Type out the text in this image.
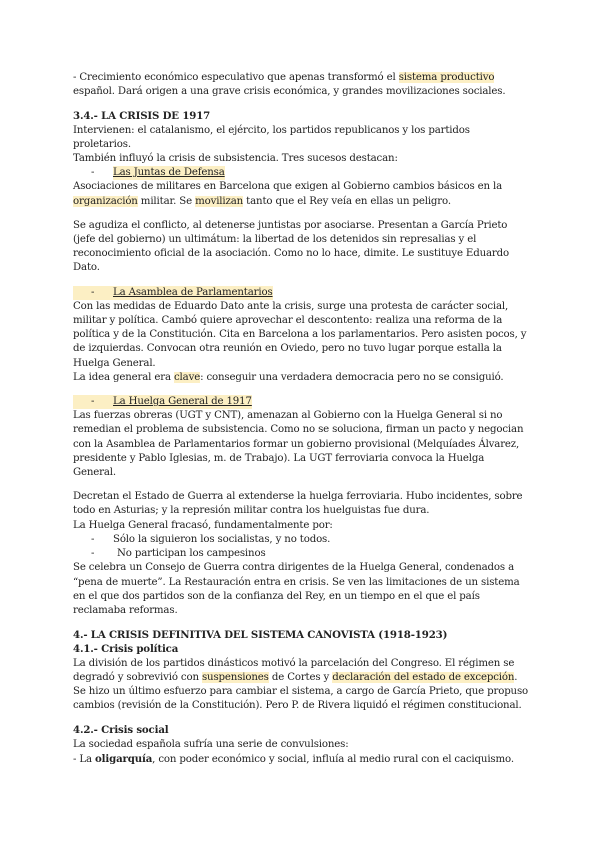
- Crecimiento económico especulativo que apenas transformó el sistema productivo español. Dará origen a una grave crisis económica, y grandes movilizaciones sociales.

3.4.- LA CRISIS DE 1917

Intervienen: el catalanismo, el ejército, los partidos republicanos y los partidos proletarios.

También influyó la crisis de subsistencia. Tres sucesos destacan:

-	Las Juntas de Defensa

Asociaciones de militares en Barcelona que exigen al Gobierno cambios básicos en la

organización militar. Se movilizan tanto que el Rey veía en ellas un peligro.

Se agudiza el conflicto, al detenerse juntistas por asociarse. Presentan a García Prieto (jefe del gobierno) un ultimátum: la libertad de los detenidos sin represalias y el reconocimiento oficial de la asociación. Como no lo hace, dimite. Le sustituye Eduardo Dato.

-	La Asamblea de Parlamentarios

Con las medidas de Eduardo Dato ante la crisis, surge una protesta de carácter social, militar y política. Cambó quiere aprovechar el descontento: realiza una reforma de la política y de la Constitución. Cita en Barcelona a los parlamentarios. Pero asisten pocos, y de izquierdas. Convocan otra reunión en Oviedo, pero no tuvo lugar porque estalla la Huelga General.

La idea general era clave: conseguir una verdadera democracia pero no se consiguió.

-	La Huelga General de 1917

Las fuerzas obreras (UGT y CNT), amenazan al Gobierno con la Huelga General si no remedian el problema de subsistencia. Como no se soluciona, firman un pacto y negocian con la Asamblea de Parlamentarios formar un gobierno provisional (Melquíades Álvarez, presidente y Pablo Iglesias, m. de Trabajo). La UGT ferroviaria convoca la Huelga General.

Decretan el Estado de Guerra al extenderse la huelga ferroviaria. Hubo incidentes, sobre todo en Asturias; y la represión militar contra los huelguistas fue dura.

La Huelga General fracasó, fundamentalmente por:

-	Sólo la siguieron los socialistas, y no todos.
-	No participan los campesinos

Se celebra un Consejo de Guerra contra dirigentes de la Huelga General, condenados a “pena de muerte”. La Restauración entra en crisis. Se ven las limitaciones de un sistema en el que dos partidos son de la confianza del Rey, en un tiempo en el que el país reclamaba reformas.

4.- LA CRISIS DEFINITIVA DEL SISTEMA CANOVISTA (1918-1923)

4.1.- Crisis política

La división de los partidos dinásticos motivó la parcelación del Congreso. El régimen se degradó y sobrevivió con suspensiones de Cortes y declaración del estado de excepción. Se hizo un último esfuerzo para cambiar el sistema, a cargo de García Prieto, que propuso cambios (revisión de la Constitución). Pero P. de Rivera liquidó el régimen constitucional.

4.2.- Crisis social

La sociedad española sufría una serie de convulsiones:

- La oligarquía, con poder económico y social, influía al medio rural con el caciquismo.
